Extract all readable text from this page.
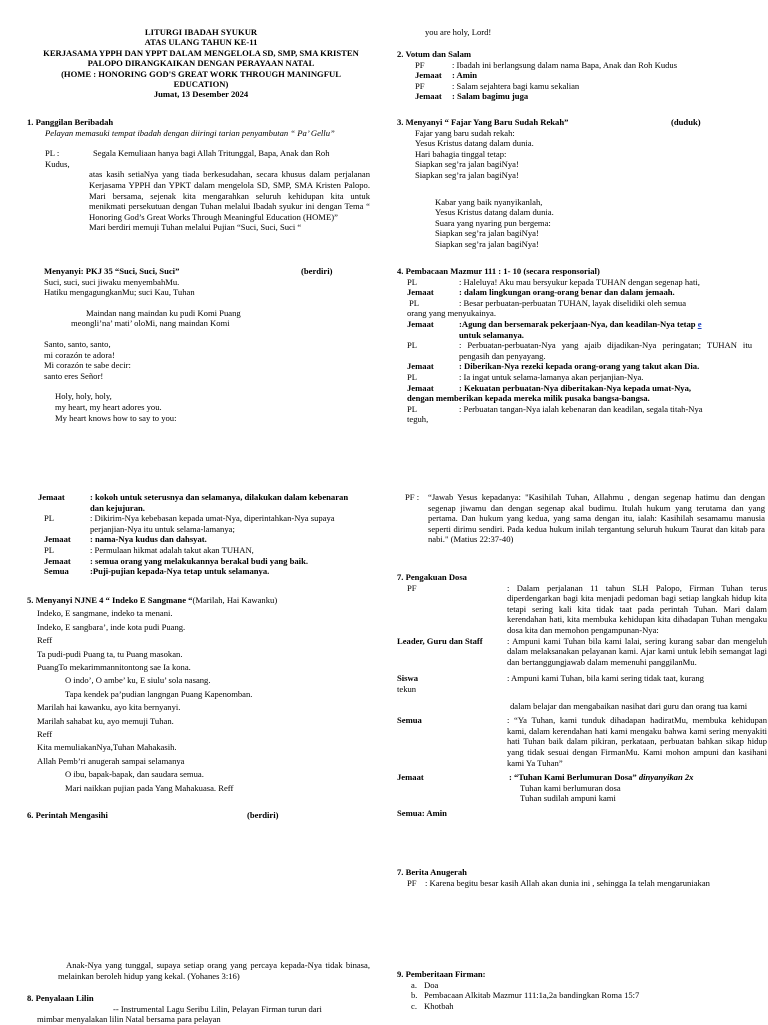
LITURGI IBADAH SYUKUR
ATAS ULANG TAHUN KE-11
KERJASAMA YPPH DAN YPPT DALAM MENGELOLA SD, SMP, SMA KRISTEN
PALOPO DIRANGKAIKAN DENGAN PERAYAAN NATAL
(HOME : HONORING GOD'S GREAT WORK THROUGH MANINGFUL
EDUCATION)
Jumat, 13 Desember 2024
1. Panggilan Beribadah
Pelayan memasuki tempat ibadah dengan diiringi tarian penyambutan “ Pa’ Gellu”
PL :	Segala Kemuliaan hanya bagi Allah Tritunggal, Bapa, Anak dan Roh
Kudus,
atas kasih setiaNya yang tiada berkesudahan, secara khusus dalam perjalanan Kerjasama YPPH dan YPKT dalam mengelola SD, SMP, SMA Kristen Palopo. Mari bersama, sejenak kita mengarahkan seluruh kehidupan kita untuk menikmati persekutuan dengan Tuhan melalui Ibadah syukur ini dengan Tema “ Honoring God’s Great Works Through Meaningful Education (HOME)”
Mari berdiri memuji Tuhan melalui Pujian “Suci, Suci, Suci “
Menyanyi: PKJ 35 “Suci, Suci, Suci”	(berdiri)
Suci, suci, suci jiwaku menyembahMu.
Hatiku mengagungkanMu; suci Kau, Tuhan
Maindan nang maindan ku pudi Komi Puang
meongli’na’ mati’ oloMi, nang maindan Komi
Santo, santo, santo,
mi corazón te adora!
Mi corazón te sabe decir:
santo eres Señor!
Holy, holy, holy,
my heart, my heart adores you.
My heart knows how to say to you:
you are holy, Lord!
2. Votum dan Salam
PF	: Ibadah ini berlangsung dalam nama Bapa, Anak dan Roh Kudus
Jemaat	: Amin
PF	: Salam sejahtera bagi kamu sekalian
Jemaat	: Salam bagimu juga
3. Menyanyi “ Fajar Yang Baru Sudah Rekah”	(duduk)
Fajar yang baru sudah rekah:
Yesus Kristus datang dalam dunia.
Hari bahagia tinggal tetap:
Siapkan seg’ra jalan bagiNya!
Siapkan seg’ra jalan bagiNya!
Kabar yang baik nyanyikanlah,
Yesus Kristus datang dalam dunia.
Suara yang nyaring pun bergema:
Siapkan seg’ra jalan bagiNya!
Siapkan seg’ra jalan bagiNya!
4. Pembacaan Mazmur 111 : 1- 10 (secara responsorial)
PL	: Haleluya! Aku mau bersyukur kepada TUHAN dengan segenap hati,
Jemaat	: dalam lingkungan orang-orang benar dan dalam jemaah.
PL	: Besar perbuatan-perbuatan TUHAN, layak diselidiki oleh semua
orang yang menyukainya.
Jemaat	:Agung dan bersemarak pekerjaan-Nya, dan keadilan-Nya tetap e
untuk selamanya.
PL	: Perbuatan-perbuatan-Nya yang ajaib dijadikan-Nya peringatan; TUHAN itu pengasih dan penyayang.
Jemaat	: Diberikan-Nya rezeki kepada orang-orang yang takut akan Dia.
PL	: Ia ingat untuk selama-lamanya akan perjanjian-Nya.
Jemaat	: Kekuatan perbuatan-Nya diberitakan-Nya kepada umat-Nya,
dengan memberikan kepada mereka milik pusaka bangsa-bangsa.
PL	: Perbuatan tangan-Nya ialah kebenaran dan keadilan, segala titah-Nya
teguh,
Jemaat	: kokoh untuk seterusnya dan selamanya, dilakukan dalam kebenaran dan kejujuran.
PL	: Dikirim-Nya kebebasan kepada umat-Nya, diperintahkan-Nya supaya perjanjian-Nya itu untuk selama-lamanya;
Jemaat	: nama-Nya kudus dan dahsyat.
PL	: Permulaan hikmat adalah takut akan TUHAN,
Jemaat	: semua orang yang melakukannya berakal budi yang baik.
Semua	:Puji-pujian kepada-Nya tetap untuk selamanya.
5. Menyanyi NJNE 4 “ Indeko E Sangmane “(Marilah, Hai Kawanku)
Indeko, E sangmane, indeko ta menani.
Indeko, E sangbara’, inde kota pudi Puang.
Reff
Ta pudi-pudi Puang ta, tu Puang masokan.
PuangTo mekarimmannitontong sae Ia kona.
O indo’, O ambe’ ku, E siulu’ sola nasang.
Tapa kendek pa’pudian langngan Puang Kapenomban.
Marilah hai kawanku, ayo kita bernyanyi.
Marilah sahabat ku, ayo memuji Tuhan.
Reff
Kita memuliakanNya,Tuhan Mahakasih.
Allah Pemb’ri anugerah sampai selamanya
O ibu, bapak-bapak, dan saudara semua.
Mari naikkan pujian pada Yang Mahakuasa. Reff
6. Perintah Mengasihi	(berdiri)
Anak-Nya yang tunggal, supaya setiap orang yang percaya kepada-Nya tidak binasa, melainkan beroleh hidup yang kekal. (Yohanes 3:16)
8. Penyalaan Lilin
-- Instrumental Lagu Seribu Lilin, Pelayan Firman turun dari
mimbar menyalakan lilin Natal bersama para pelayan
PF :	“Jawab Yesus kepadanya: "Kasihilah Tuhan, Allahmu , dengan segenap hatimu dan dengan segenap jiwamu dan dengan segenap akal budimu. Itulah hukum yang terutama dan yang pertama. Dan hukum yang kedua, yang sama dengan itu, ialah: Kasihilah sesamamu manusia seperti dirimu sendiri. Pada kedua hukum inilah tergantung seluruh hukum Taurat dan kitab para nabi." (Matius 22:37-40)
7. Pengakuan Dosa
PF	: Dalam perjalanan 11 tahun SLH Palopo, Firman Tuhan terus diperdengarkan bagi kita menjadi pedoman bagi setiap langkah hidup kita tetapi sering kali kita tidak taat pada perintah Tuhan. Mari dalam kerendahan hati, kita membuka kehidupan kita dihadapan Tuhan mengaku dosa kita dan memohon pengampunan-Nya:
Leader, Guru dan Staff	: Ampuni kami Tuhan bila kami lalai, sering kurang sabar dan mengeluh dalam melaksanakan pelayanan kami. Ajar kami untuk lebih semangat lagi dan bertanggungjawab dalam memenuhi panggilanMu.
Siswa	: Ampuni kami Tuhan, bila kami sering tidak taat, kurang
tekun
dalam belajar dan mengabaikan nasihat dari guru dan orang tua kami
Semua	: “Ya Tuhan, kami tunduk dihadapan hadiratMu, membuka kehidupan kami, dalam kerendahan hati kami mengaku bahwa kami sering menyakiti hati Tuhan baik dalam pikiran, perkataan, perbuatan bahkan sikap hidup yang tidak sesuai dengan FirmanMu. Kami mohon ampuni dan kasihani kami Ya Tuhan”
Jemaat	: “Tuhan Kami Berlumuran Dosa” dinyanyikan 2x
Tuhan kami berlumuran dosa
Tuhan sudilah ampuni kami
Semua: Amin
7. Berita Anugerah
PF : Karena begitu besar kasih Allah akan dunia ini , sehingga Ia telah mengaruniakan
9. Pemberitaan Firman:
a. Doa
b. Pembacaan Alkitab Mazmur 111:1a,2a bandingkan Roma 15:7
c. Khotbah
